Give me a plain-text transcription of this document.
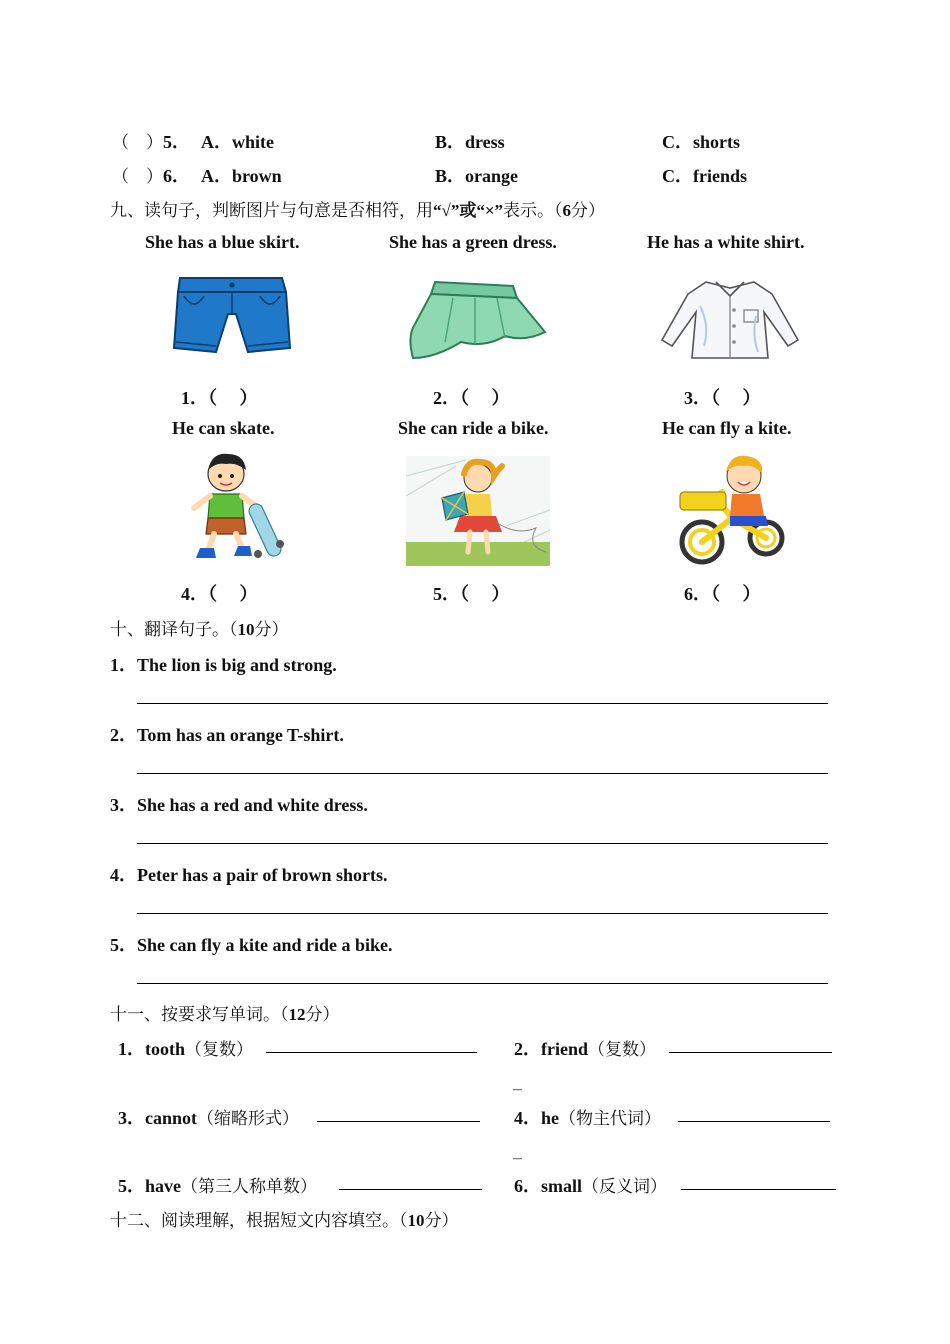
（　）5． A．white	B．dress	C．shorts
（　）6． A．brown	B．orange	C．friends
九、读句子，判断图片与句意是否相符，用“√”或“×”表示。（6分）
She has a blue skirt.	She has a green dress.	He has a white shirt.
1．（　 ）	2．（　 ）	3．（　 ）
He can skate.	She can ride a bike.	He can fly a kite.
4．（　 ）	5．（　 ）	6．（　 ）
十、翻译句子。（10分）
1．The lion is big and strong.
2．Tom has an orange T-shirt.
3．She has a red and white dress.
4．Peter has a pair of brown shorts.
5．She can fly a kite and ride a bike.
十一、按要求写单词。（12分）
1．tooth（复数）	2．friend（复数）
_
3．cannot（缩略形式）	4．he（物主代词）
_
5．have（第三人称单数）	6．small（反义词）
十二、阅读理解，根据短文内容填空。（10分）
